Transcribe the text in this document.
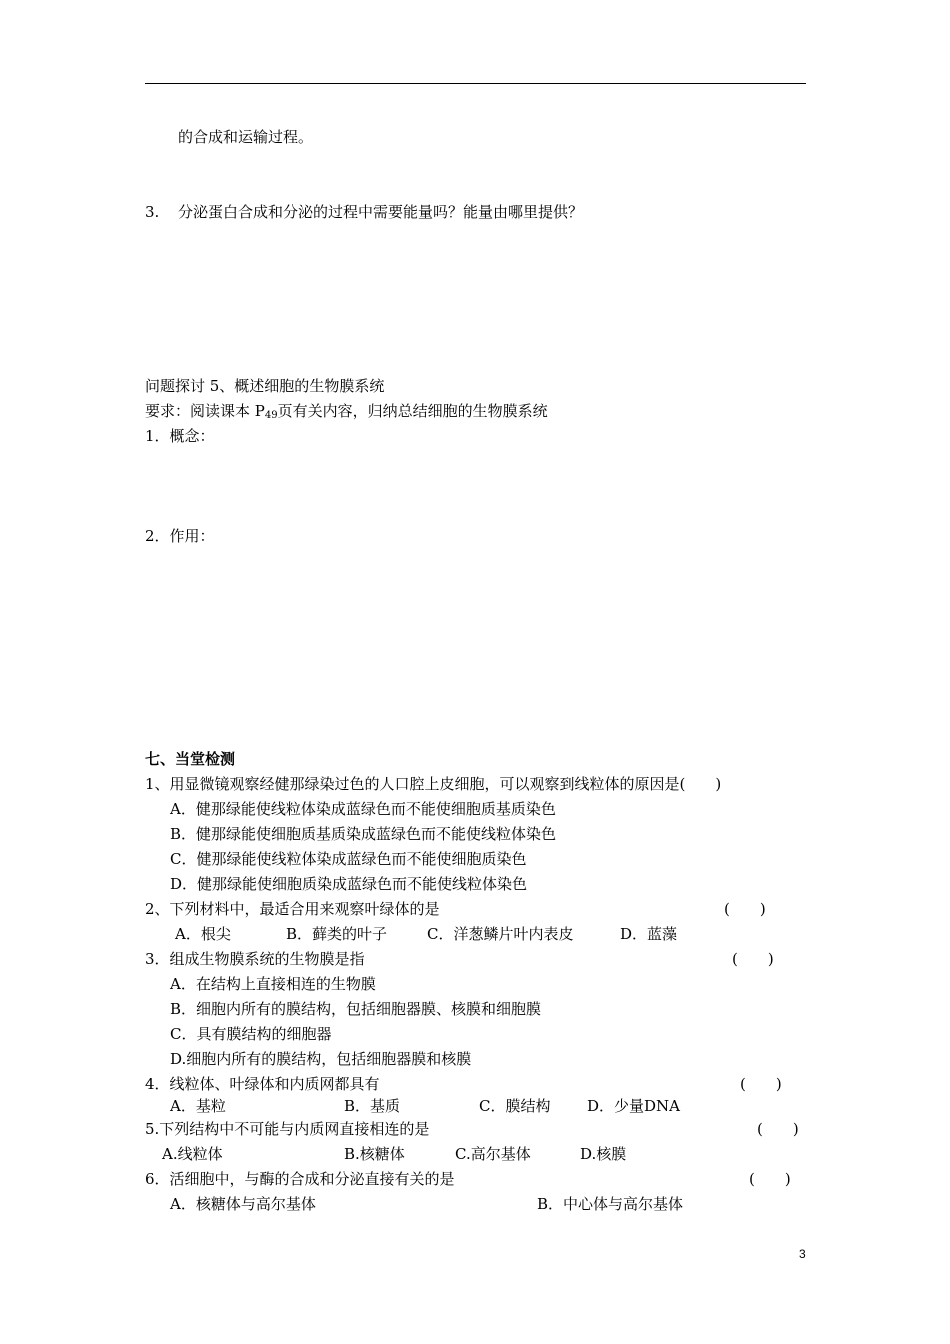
的合成和运输过程。
3. 分泌蛋白合成和分泌的过程中需要能量吗？能量由哪里提供？
问题探讨 5、概述细胞的生物膜系统
要求：阅读课本 $P_{49}$页有关内容，归纳总结细胞的生物膜系统
1．概念：
2．作用：
七、当堂检测
1、用显微镜观察经健那绿染过色的人口腔上皮细胞，可以观察到线粒体的原因是(　　)
A．健那绿能使线粒体染成蓝绿色而不能使细胞质基质染色
B．健那绿能使细胞质基质染成蓝绿色而不能使线粒体染色
C．健那绿能使线粒体染成蓝绿色而不能使细胞质染色
D．健那绿能使细胞质染成蓝绿色而不能使线粒体染色
2、下列材料中，最适合用来观察叶绿体的是	(　　)
A．根尖	B．藓类的叶子	C．洋葱鳞片叶内表皮	D．蓝藻
3．组成生物膜系统的生物膜是指	(　　)
A．在结构上直接相连的生物膜
B．细胞内所有的膜结构，包括细胞器膜、核膜和细胞膜
C．具有膜结构的细胞器
D.细胞内所有的膜结构，包括细胞器膜和核膜
4．线粒体、叶绿体和内质网都具有	(　　)
A．基粒	B．基质	C．膜结构 D．少量DNA
5.下列结构中不可能与内质网直接相连的是	(　　)
A.线粒体	B.核糖体	C.高尔基体	D.核膜
6．活细胞中，与酶的合成和分泌直接有关的是	(　　)
A．核糖体与高尔基体	B．中心体与高尔基体
3
